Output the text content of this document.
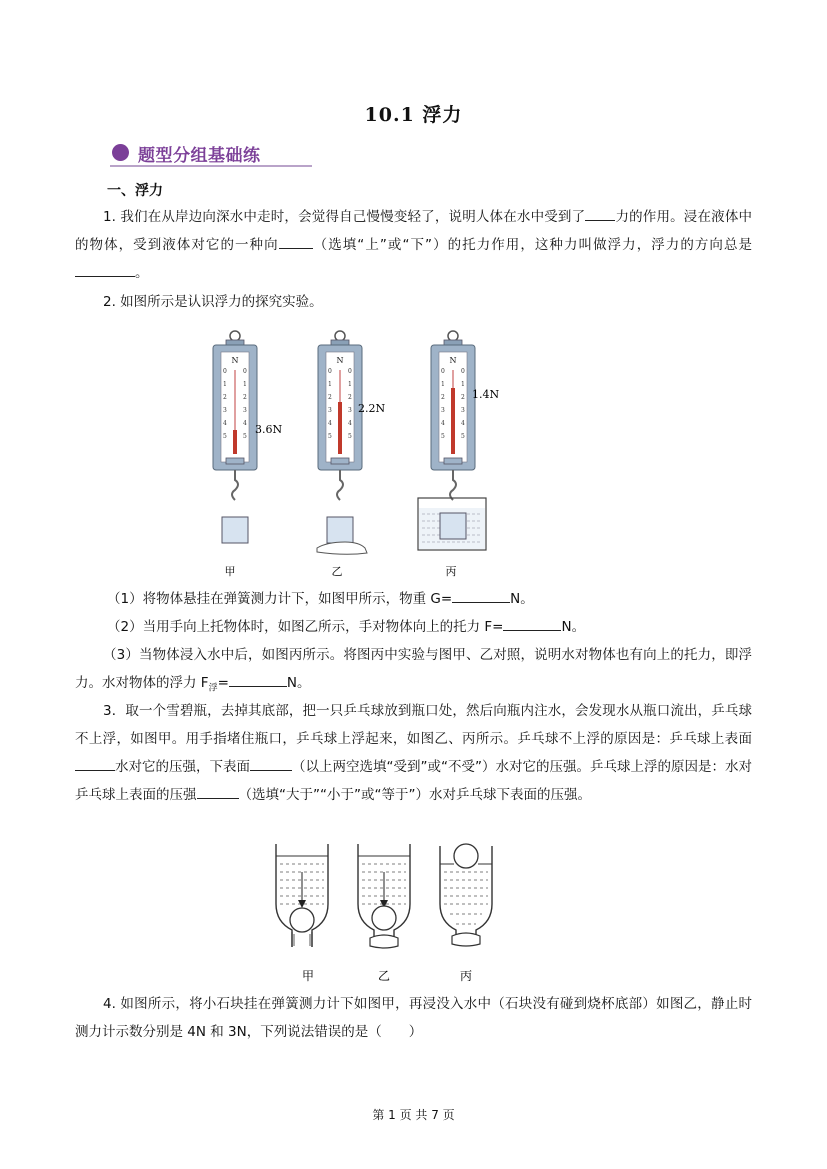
10.1 浮力
题型分组基础练
一、浮力
1. 我们在从岸边向深水中走时，会觉得自己慢慢变轻了，说明人体在水中受到了 力的作用。浸在液体中的物体，受到液体对它的一种向	（选填“上”或“下”）的托力作用，这种力叫做浮力，浮力的方向总是。
2. 如图所示是认识浮力的探究实验。
0
1
2
3
4
5
0
1
2
3
4
5
3.6N
0
1
2
3
4
5
0
1
2
3
4
5
2.2N
0
1
2
3
4
5
0
1
2
3
4
5
1.4N
甲	乙	丙
（1）将物体悬挂在弹簧测力计下，如图甲所示，物重 G=	N。
（2）当用手向上托物体时，如图乙所示，手对物体向上的托力 F=	N。
（3）当物体浸入水中后，如图丙所示。将图丙中实验与图甲、乙对照，说明水对物体也有向上的托力，即浮力。水对物体的浮力 $F_浮=$	N。
3．取一个雪碧瓶，去掉其底部，把一只乒乓球放到瓶口处，然后向瓶内注水，会发现水从瓶口流出，乒乓球不上浮，如图甲。用手指堵住瓶口，乒乓球上浮起来，如图乙、丙所示。乒乓球不上浮的原因是：乒乓球上表面水对它的压强，下表面	（以上两空选填“受到”或“不受”）水对它的压强。乒乓球上浮的原因是：水对乒乓球上表面的压强	（选填“大于”“小于”或“等于”）水对乒乓球下表面的压强。
甲	乙	丙
4. 如图所示，将小石块挂在弹簧测力计下如图甲，再浸没入水中（石块没有碰到烧杯底部）如图乙，静止时测力计示数分别是 4N 和 3N，下列说法错误的是（　　）
第 1 页 共 7 页
